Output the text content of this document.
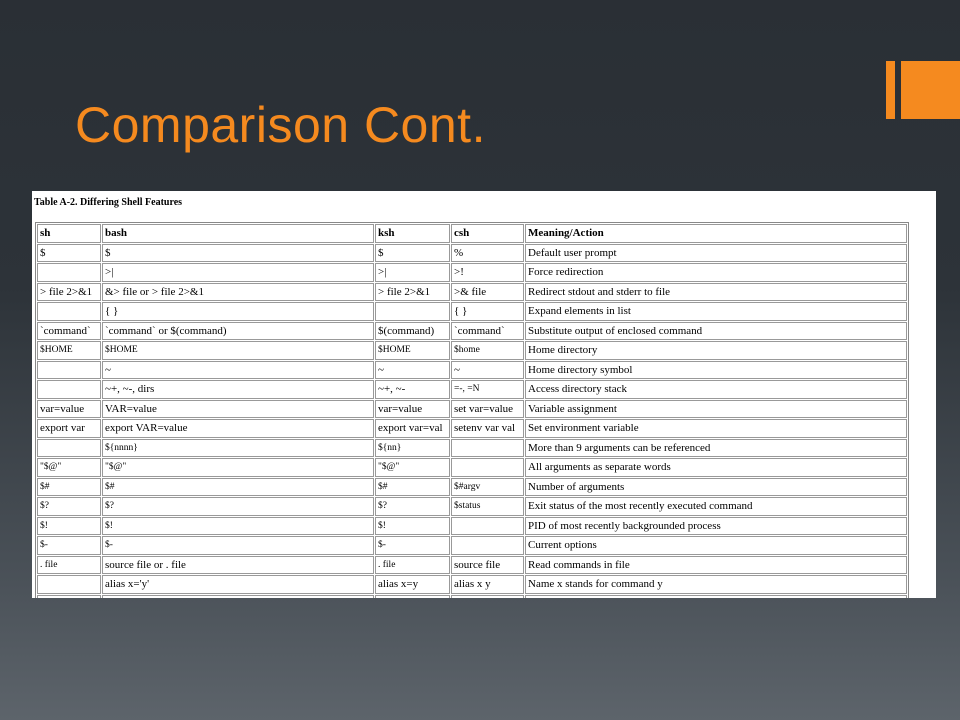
Comparison Cont.
Table A-2. Differing Shell Features
sh	bash	ksh	csh	Meaning/Action
$	$	$	%	Default user prompt
	>|	>|	>!	Force redirection
> file 2>&1	&> file or > file 2>&1	> file 2>&1	>& file	Redirect stdout and stderr to file
	{ }		{ }	Expand elements in list
`command`	`command` or $(command)	$(command)	`command`	Substitute output of enclosed command
$HOME	$HOME	$HOME	$home	Home directory
	~	~	~	Home directory symbol
	~+, ~-, dirs	~+, ~-	=-, =N	Access directory stack
var=value	VAR=value	var=value	set var=value	Variable assignment
export var	export VAR=value	export var=val	setenv var val	Set environment variable
	${nnnn}	${nn}		More than 9 arguments can be referenced
"$@"	"$@"	"$@"		All arguments as separate words
$#	$#	$#	$#argv	Number of arguments
$?	$?	$?	$status	Exit status of the most recently executed command
$!	$!	$!		PID of most recently backgrounded process
$-	$-	$-		Current options
. file	source file or . file	. file	source file	Read commands in file
	alias x='y'	alias x=y	alias x y	Name x stands for command y
